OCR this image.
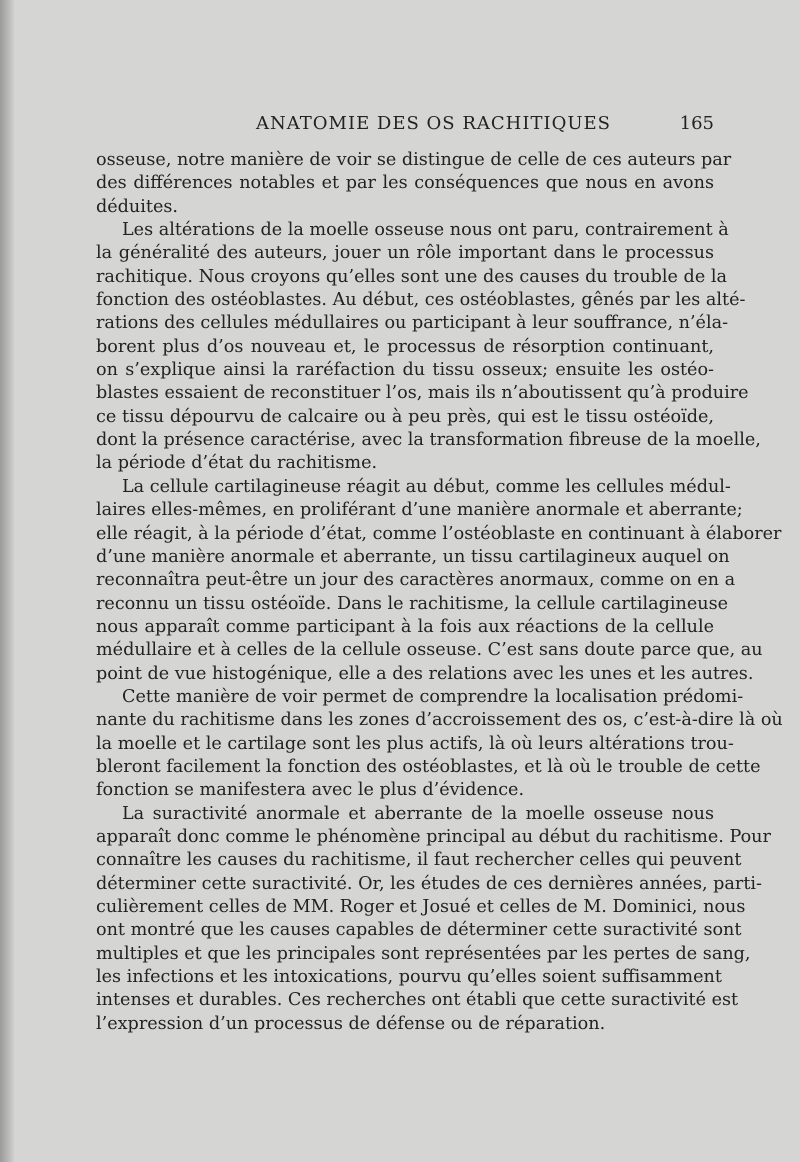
ANATOMIE DES OS RACHITIQUES	165
osseuse, notre manière de voir se distingue de celle de ces auteurs par
des différences notables et par les conséquences que nous en avons
déduites.
Les altérations de la moelle osseuse nous ont paru, contrairement à
la généralité des auteurs, jouer un rôle important dans le processus
rachitique. Nous croyons qu’elles sont une des causes du trouble de la
fonction des ostéoblastes. Au début, ces ostéoblastes, gênés par les alté-
rations des cellules médullaires ou participant à leur souffrance, n’éla-
borent plus d’os nouveau et, le processus de résorption continuant,
on s’explique ainsi la raréfaction du tissu osseux; ensuite les ostéo-
blastes essaient de reconstituer l’os, mais ils n’aboutissent qu’à produire
ce tissu dépourvu de calcaire ou à peu près, qui est le tissu ostéoïde,
dont la présence caractérise, avec la transformation fibreuse de la moelle,
la période d’état du rachitisme.
La cellule cartilagineuse réagit au début, comme les cellules médul-
laires elles-mêmes, en proliférant d’une manière anormale et aberrante;
elle réagit, à la période d’état, comme l’ostéoblaste en continuant à élaborer
d’une manière anormale et aberrante, un tissu cartilagineux auquel on
reconnaîtra peut-être un jour des caractères anormaux, comme on en a
reconnu un tissu ostéoïde. Dans le rachitisme, la cellule cartilagineuse
nous apparaît comme participant à la fois aux réactions de la cellule
médullaire et à celles de la cellule osseuse. C’est sans doute parce que, au
point de vue histogénique, elle a des relations avec les unes et les autres.
Cette manière de voir permet de comprendre la localisation prédomi-
nante du rachitisme dans les zones d’accroissement des os, c’est-à-dire là où
la moelle et le cartilage sont les plus actifs, là où leurs altérations trou-
bleront facilement la fonction des ostéoblastes, et là où le trouble de cette
fonction se manifestera avec le plus d’évidence.
La suractivité anormale et aberrante de la moelle osseuse nous
apparaît donc comme le phénomène principal au début du rachitisme. Pour
connaître les causes du rachitisme, il faut rechercher celles qui peuvent
déterminer cette suractivité. Or, les études de ces dernières années, parti-
culièrement celles de MM. Roger et Josué et celles de M. Dominici, nous
ont montré que les causes capables de déterminer cette suractivité sont
multiples et que les principales sont représentées par les pertes de sang,
les infections et les intoxications, pourvu qu’elles soient suffisamment
intenses et durables. Ces recherches ont établi que cette suractivité est
l’expression d’un processus de défense ou de réparation.
